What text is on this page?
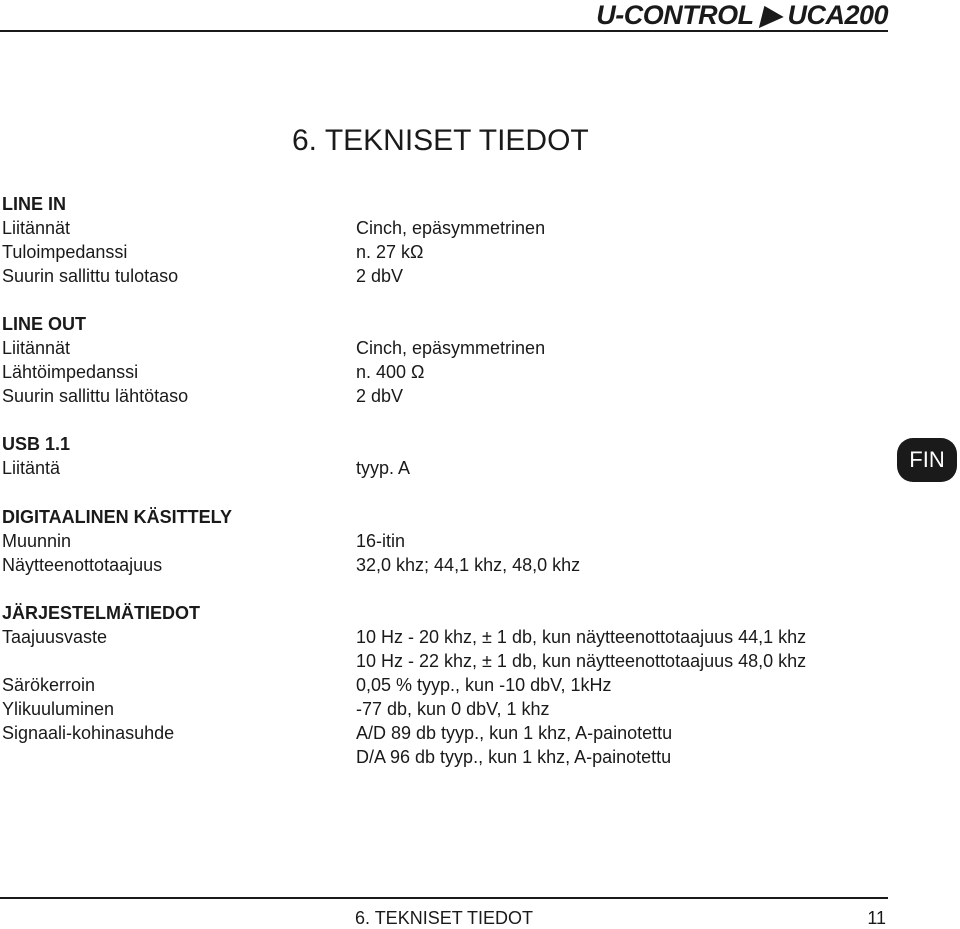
U-CONTROL ▶ UCA200
6. TEKNISET TIEDOT
LINE IN
Liitännät	Cinch, epäsymmetrinen
Tuloimpedanssi	n. 27 kΩ
Suurin sallittu tulotaso	2 dbV
LINE OUT
Liitännät	Cinch, epäsymmetrinen
Lähtöimpedanssi	n. 400 Ω
Suurin sallittu lähtötaso	2 dbV
USB 1.1
Liitäntä	tyyp. A
DIGITAALINEN KÄSITTELY
Muunnin	16-itin
Näytteenottotaajuus	32,0 khz; 44,1 khz, 48,0 khz
JÄRJESTELMÄTIEDOT
Taajuusvaste	10 Hz - 20 khz, ± 1 db, kun näytteenottotaajuus 44,1 khz
10 Hz - 22 khz, ± 1 db, kun näytteenottotaajuus 48,0 khz
Särökerroin	0,05 % tyyp., kun -10 dbV, 1kHz
Ylikuuluminen	-77 db, kun 0 dbV, 1 khz
Signaali-kohinasuhde	A/D 89 db tyyp., kun 1 khz, A-painotettu
D/A 96 db tyyp., kun 1 khz, A-painotettu
FIN
6. TEKNISET TIEDOT	11
